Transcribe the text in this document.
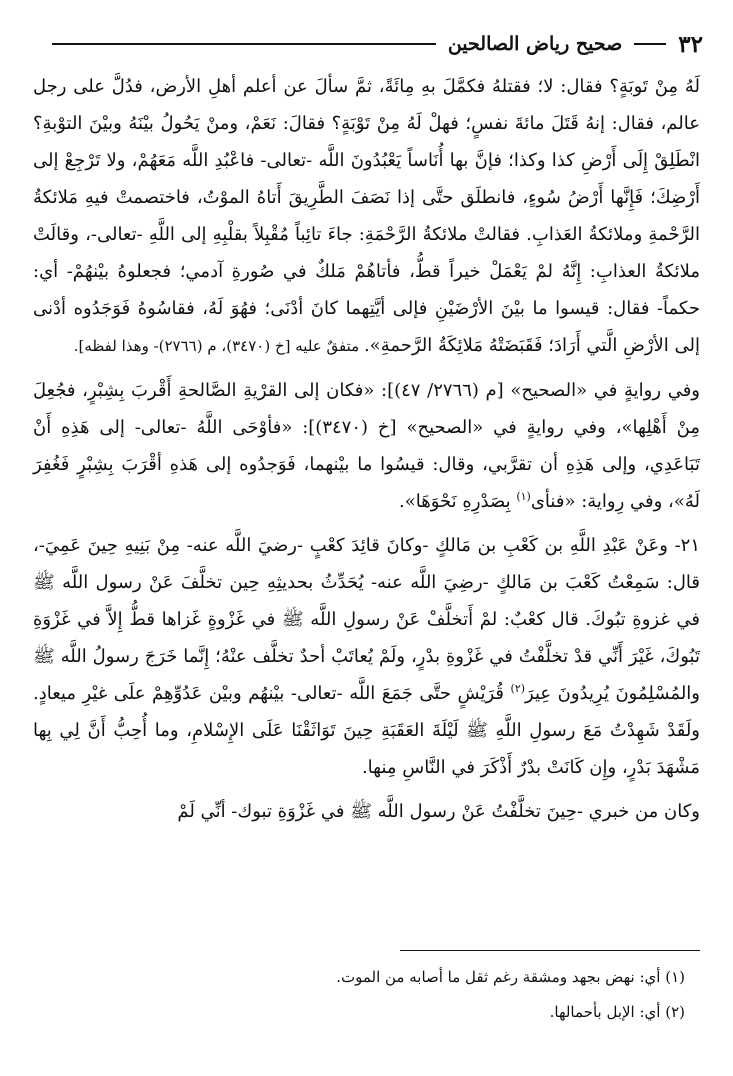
٣٢
صحيح رياض الصالحين

لَهُ مِنْ تَوبَةٍ؟ فقال: لا؛ فقتلهُ فكمَّلَ بهِ مِائَةً، ثمَّ سألَ عن أعلم أهلِ الأرض، فدُلَّ على رجل عالم، فقال: إنهُ قَتَلَ مائةَ نفسٍ؛ فهلْ لَهُ مِنْ تَوْبَةٍ؟ فقالَ: نَعَمْ، ومنْ يَحُولُ بيْنَهُ وبيْنَ التوْبةِ؟ انْطَلِقْ إِلَى أَرْضِ كذا وكذا؛ فإنَّ بها أُنَاساً يَعْبُدُونَ اللَّه -تعالى- فاعْبُدِ اللَّه مَعَهُمْ، ولا تَرْجِعْ إلى أَرْضِكَ؛ فَإِنَّها أَرْضُ سُوءٍ، فانطلَق حتَّى إذا نَصَفَ الطَّرِيقَ أَتاهُ الموْتُ، فاختصمتْ فيهِ مَلائكةُ الرَّحْمةِ وملائكةُ العَذابِ. فقالتْ ملائكةُ الرَّحْمَةِ: جاءَ تائِباً مُقْبِلاً بقلْبِهِ إلى اللَّهِ -تعالى-، وقالَتْ ملائكةُ العذابِ: إِنَّهُ لمْ يَعْمَلْ خيراً قطُّ، فأتاهُمْ مَلكٌ في صُورةِ آدمي؛ فجعلوهُ بيْنهُمْ- أي: حكماً- فقال: قيسوا ما بيْنَ الأرْضَيْنِ فإلى أيَّتِهما كانَ أدْنَى؛ فهُوَ لَهُ، فقاسُوهُ فَوَجَدُوه أدْنى إلى الأرْضِ الَّتي أَرَادَ؛ فَقَبَضَتْهُ مَلائِكَةُ الرَّحمةِ». متفقٌ عليه [خ (٣٤٧٠)، م (٢٧٦٦)- وهذا لفظه].

وفي روايةٍ في «الصحيح» [م (٢٧٦٦/ ٤٧)]: «فكان إلى القرْيةِ الصَّالحةِ أَقْربَ بِشِبْرٍ، فجُعِلَ مِنْ أَهْلِها»، وفي روايةٍ في «الصحيح» [خ (٣٤٧٠)]: «فأوْحَى اللَّهُ -تعالى- إلى هَذِهِ أَنْ تَبَاعَدِي، وإلى هَذِهِ أن تقرَّبي، وقال: قيسُوا ما بيْنهما، فَوَجدُوه إلى هَذهِ أقْرَبَ بِشِبْرٍ فَغُفِرَ لَهُ»، وفي رِواية: «فنأى$^{(١)}$ بِصَدْرِهِ نَحْوَهَا».

٢١- وعَنْ عَبْدِ اللَّهِ بن كَعْبِ بن مَالكٍ -وكانَ قائِدَ كعْبٍ -رضيَ اللَّه عنه- مِنْ بَنِيهِ حِينَ عَمِيَ-، قال: سَمِعْتُ كَعْبَ بن مَالكٍ -رضِيَ اللَّه عنه- يُحَدِّثُ بحديثِهِ حِين تخلَّفَ عَنْ رسول اللَّه ﷺ في غزوةِ تبُوكَ. قال كعْبٌ: لمْ أَتخلَّفْ عَنْ رسولِ اللَّه ﷺ في غَزْوةٍ غَزاها قطُّ إِلاَّ في غَزْوَةِ تَبُوكَ، غَيْرَ أَنِّي قدْ تخلَّفْتُ في غَزْوةِ بدْرٍ، ولَمْ يُعاتَبْ أحدٌ تخلَّف عنْهُ؛ إِنَّما خَرَجَ رسولُ اللَّه ﷺ والمُسْلِمُونَ يُرِيدُونَ عِيرَ$^{(٢)}$ قُرَيْشٍ حتَّى جَمَعَ اللَّه -تعالى- بيْنهُم وبيْن عَدُوِّهِمْ علَى غيْرِ ميعادٍ. ولَقَدْ شَهِدْتُ مَعَ رسولِ اللَّهِ ﷺ لَيْلَةَ العَقَبَةِ حِينَ تَوَاثَقْنَا عَلَى الإِسْلامِ، وما أُحِبُّ أَنَّ لِي بِها مَشْهَدَ بَدْرٍ، وإِن كَانَتْ بدْرٌ أَذْكَرَ في النَّاسِ مِنها.

وكان من خبري -حِينَ تخلَّفْتُ عَنْ رسول اللَّه ﷺ في غَزْوَةِ تبوك- أنِّي لَمْ

(١) أي: نهض بجهد ومشقة رغم ثقل ما أصابه من الموت.
(٢) أي: الإبل بأحمالها.
